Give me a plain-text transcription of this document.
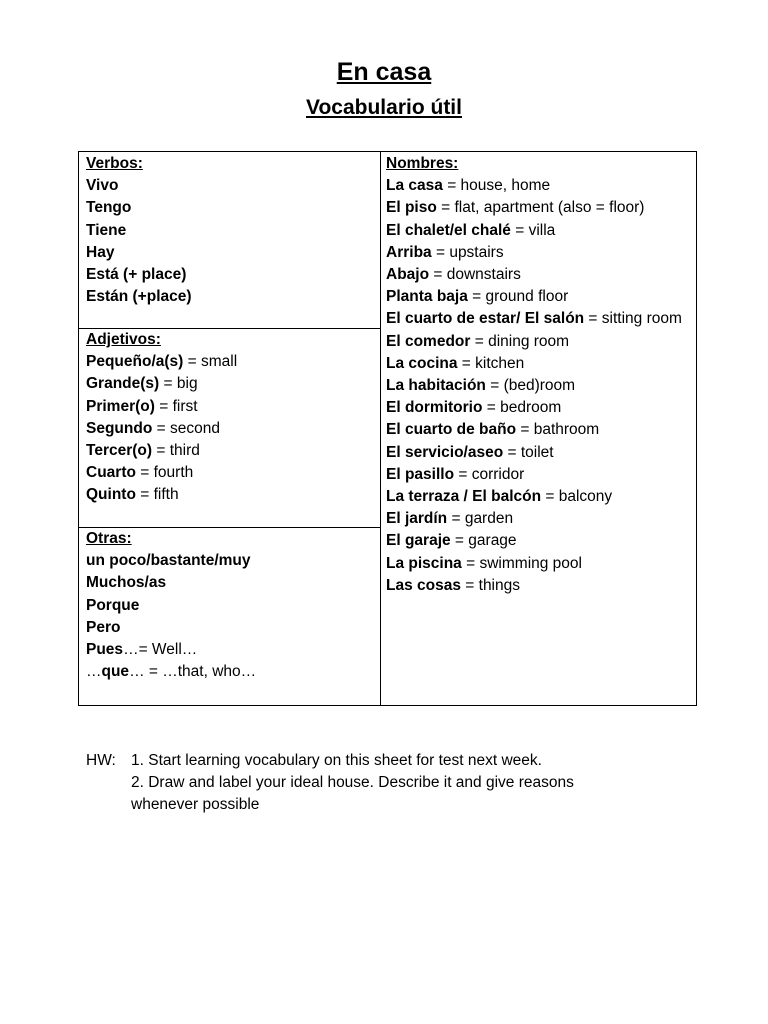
En casa
Vocabulario útil
Verbos:
Vivo
Tengo
Tiene
Hay
Está (+ place)
Están (+place)
Adjetivos:
Pequeño/a(s) = small
Grande(s) = big
Primer(o) = first
Segundo = second
Tercer(o) = third
Cuarto = fourth
Quinto = fifth
Otras:
un poco/bastante/muy
Muchos/as
Porque
Pero
Pues…= Well…
…que… = …that, who…
Nombres:
La casa = house, home
El piso = flat, apartment (also = floor)
El chalet/el chalé = villa
Arriba = upstairs
Abajo = downstairs
Planta baja = ground floor
El cuarto de estar/ El salón = sitting room
El comedor = dining room
La cocina = kitchen
La habitación = (bed)room
El dormitorio = bedroom
El cuarto de baño = bathroom
El servicio/aseo = toilet
El pasillo = corridor
La terraza / El balcón = balcony
El jardín = garden
El garaje = garage
La piscina = swimming pool
Las cosas = things
HW: 1. Start learning vocabulary on this sheet for test next week.
2. Draw and label your ideal house. Describe it and give reasons
whenever possible
